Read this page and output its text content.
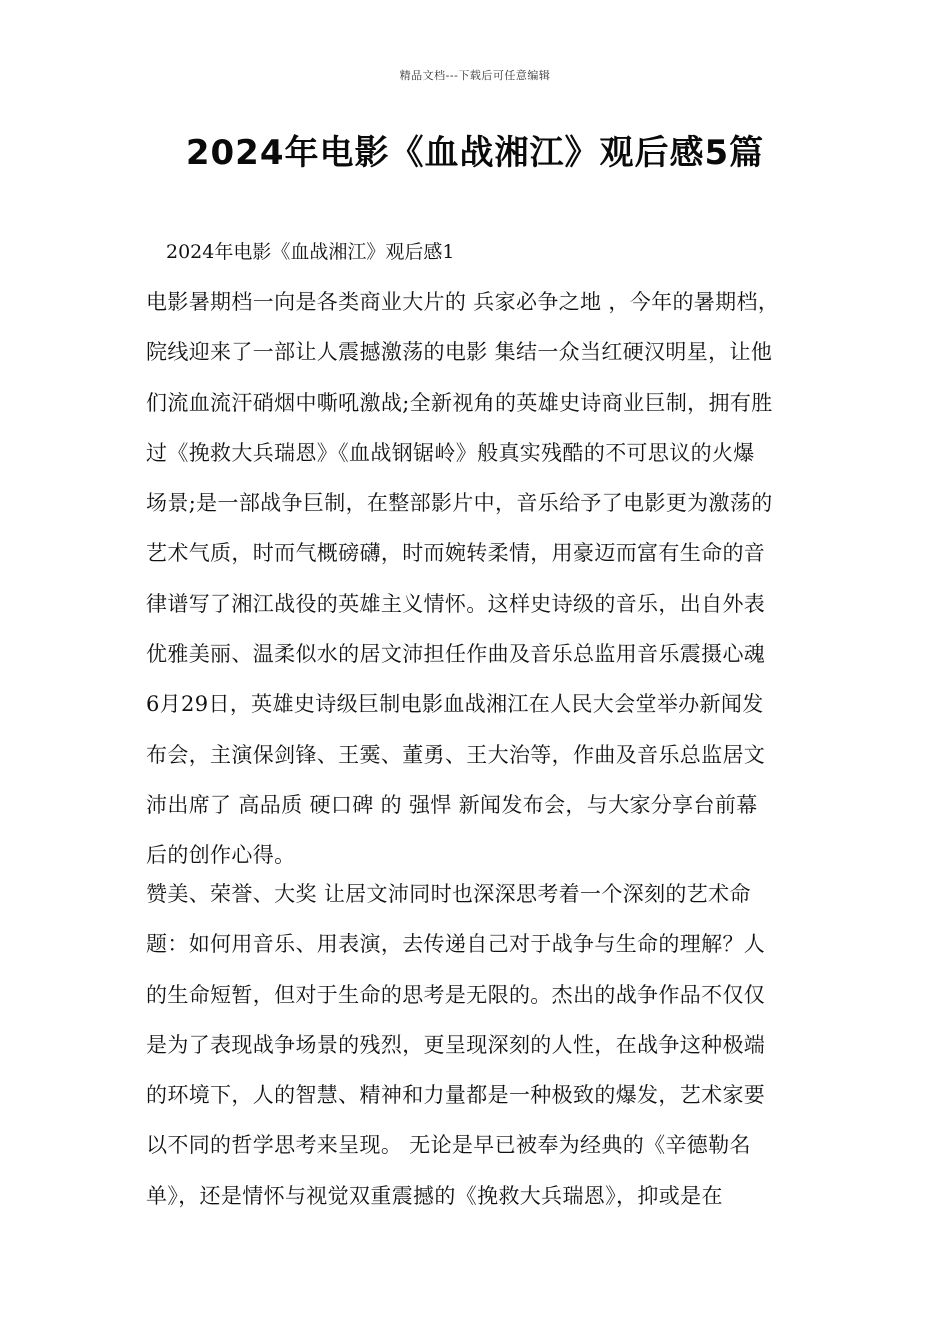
精品文档---下载后可任意编辑
2024年电影《血战湘江》观后感5篇
2024年电影《血战湘江》观后感1
电影暑期档一向是各类商业大片的 兵家必争之地 ，今年的暑期档，
院线迎来了一部让人震撼激荡的电影 集结一众当红硬汉明星，让他
们流血流汗硝烟中嘶吼激战;全新视角的英雄史诗商业巨制，拥有胜
过《挽救大兵瑞恩》《血战钢锯岭》般真实残酷的不可思议的火爆
场景;是一部战争巨制，在整部影片中，音乐给予了电影更为激荡的
艺术气质，时而气概磅礴，时而婉转柔情，用豪迈而富有生命的音
律谱写了湘江战役的英雄主义情怀。这样史诗级的音乐，出自外表
优雅美丽、温柔似水的居文沛担任作曲及音乐总监用音乐震摄心魂
6月29日，英雄史诗级巨制电影血战湘江在人民大会堂举办新闻发
布会，主演保剑锋、王霙、董勇、王大治等，作曲及音乐总监居文
沛出席了 高品质 硬口碑 的 强悍 新闻发布会，与大家分享台前幕
后的创作心得。
赞美、荣誉、大奖 让居文沛同时也深深思考着一个深刻的艺术命
题：如何用音乐、用表演，去传递自己对于战争与生命的理解？人
的生命短暂，但对于生命的思考是无限的。杰出的战争作品不仅仅
是为了表现战争场景的残烈，更呈现深刻的人性，在战争这种极端
的环境下，人的智慧、精神和力量都是一种极致的爆发，艺术家要
以不同的哲学思考来呈现。 无论是早已被奉为经典的《辛德勒名
单》，还是情怀与视觉双重震撼的《挽救大兵瑞恩》，抑或是在
